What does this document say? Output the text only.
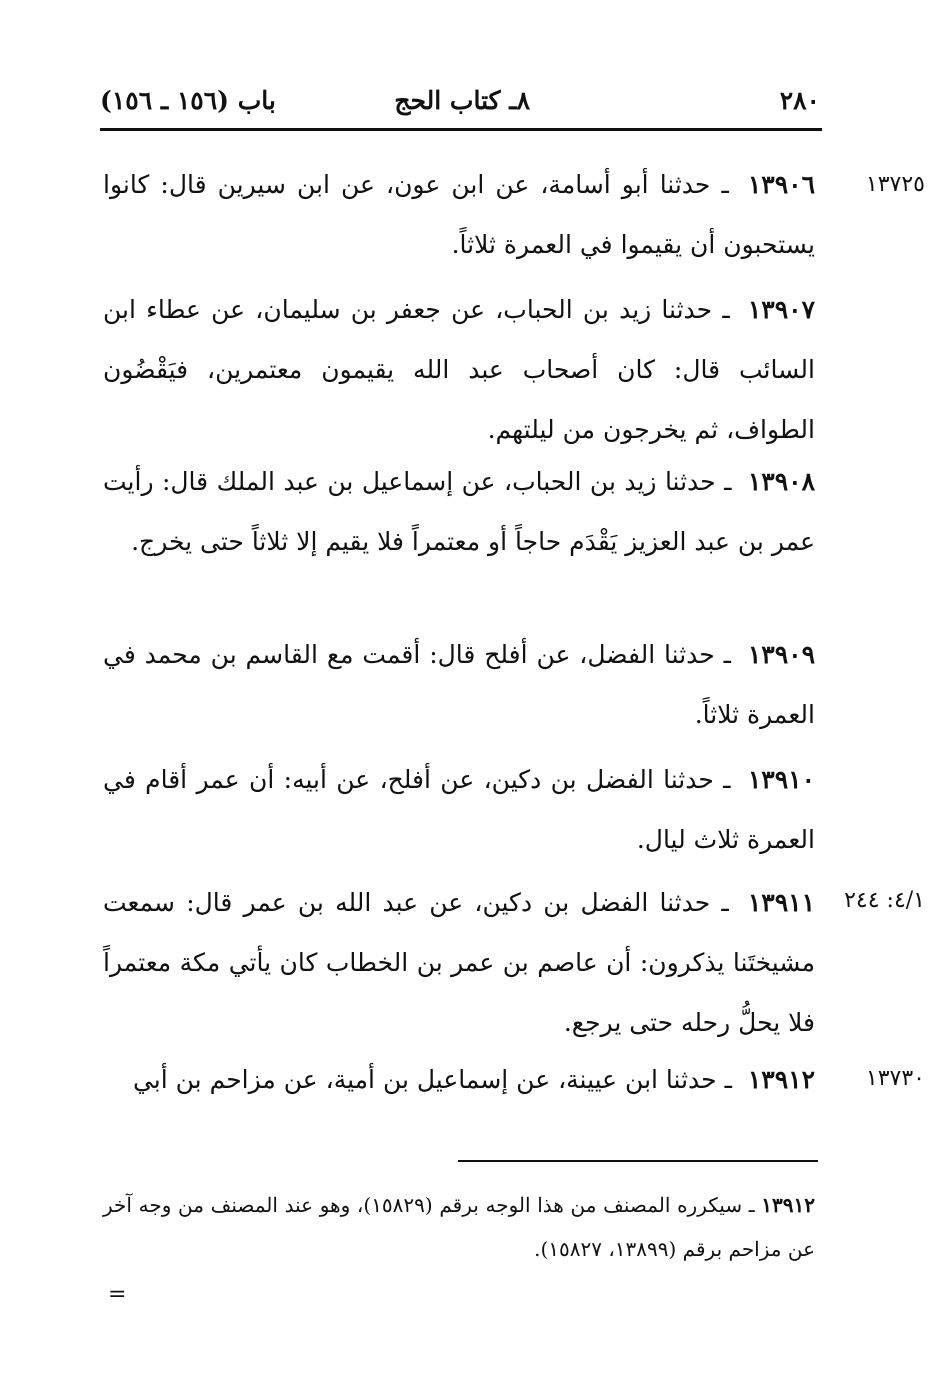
٢٨٠
٨ـ كتاب الحج
باب (١٥٦ ـ ١٥٦)
١٣٧٢٥
٤/١: ٢٤٤
١٣٧٣٠
١٣٩٠٦ ـ حدثنا أبو أسامة، عن ابن عون، عن ابن سيرين قال: كانوا يستحبون أن يقيموا في العمرة ثلاثاً.
١٣٩٠٧ ـ حدثنا زيد بن الحباب، عن جعفر بن سليمان، عن عطاء ابن السائب قال: كان أصحاب عبد الله يقيمون معتمرين، فيَقْضُون الطواف، ثم يخرجون من ليلتهم.
١٣٩٠٨ ـ حدثنا زيد بن الحباب، عن إسماعيل بن عبد الملك قال: رأيت عمر بن عبد العزيز يَقْدَم حاجاً أو معتمراً فلا يقيم إلا ثلاثاً حتى يخرج.
١٣٩٠٩ ـ حدثنا الفضل، عن أفلح قال: أقمت مع القاسم بن محمد في العمرة ثلاثاً.
١٣٩١٠ ـ حدثنا الفضل بن دكين، عن أفلح، عن أبيه: أن عمر أقام في العمرة ثلاث ليال.
١٣٩١١ ـ حدثنا الفضل بن دكين، عن عبد الله بن عمر قال: سمعت مشيختَنا يذكرون: أن عاصم بن عمر بن الخطاب كان يأتي مكة معتمراً فلا يحلُّ رحله حتى يرجع.
١٣٩١٢ ـ حدثنا ابن عيينة، عن إسماعيل بن أمية، عن مزاحم بن أبي
١٣٩١٢ ـ سيكرره المصنف من هذا الوجه برقم (١٥٨٢٩)، وهو عند المصنف من وجه آخر عن مزاحم برقم (١٣٨٩٩، ١٥٨٢٧).
=
